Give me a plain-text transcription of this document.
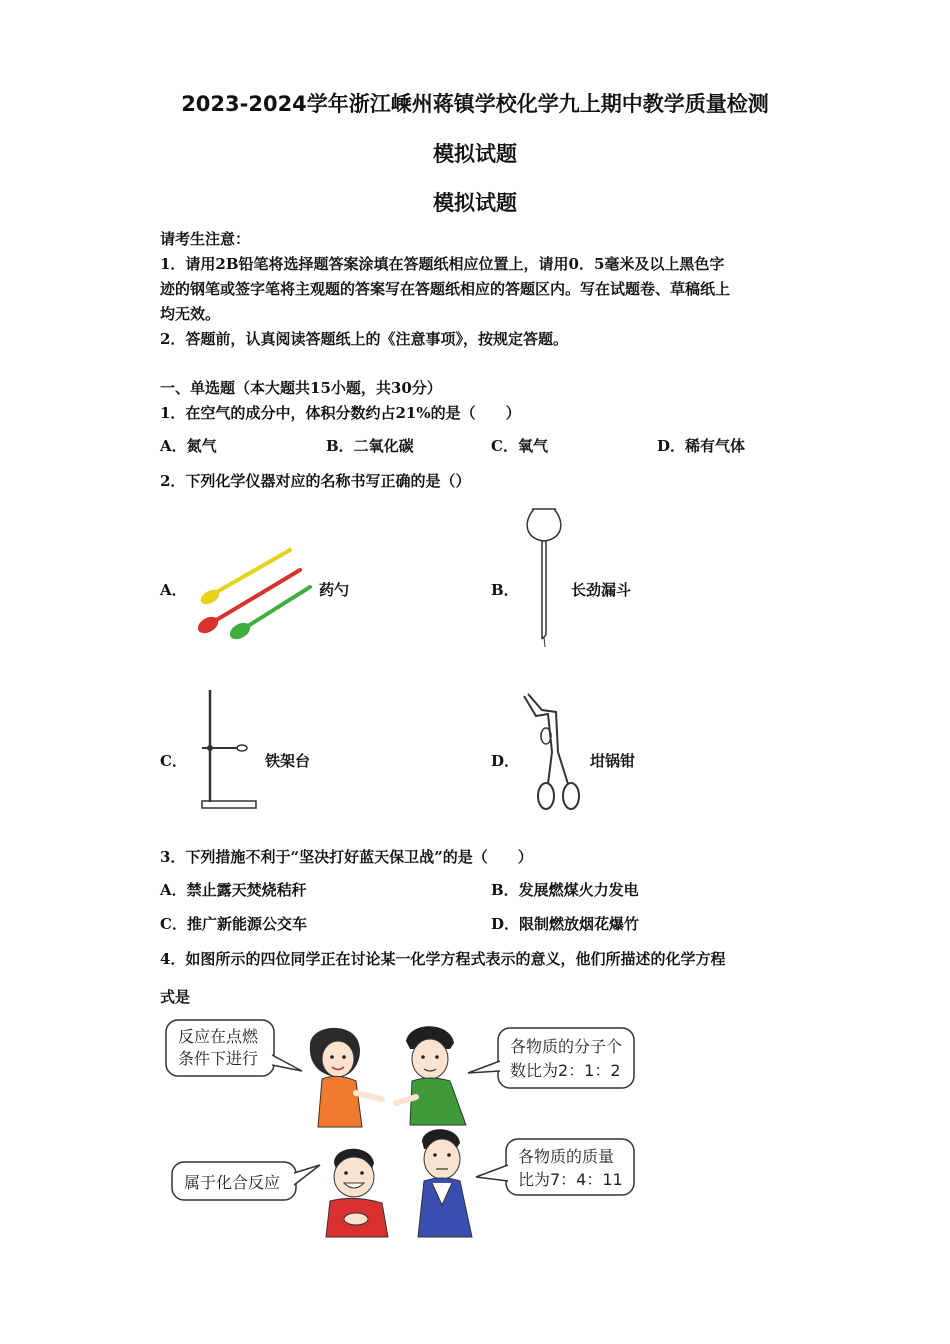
2023-2024学年浙江嵊州蒋镇学校化学九上期中教学质量检测
模拟试题
模拟试题
请考生注意：
1．请用2B铅笔将选择题答案涂填在答题纸相应位置上，请用0．5毫米及以上黑色字
迹的钢笔或签字笔将主观题的答案写在答题纸相应的答题区内。写在试题卷、草稿纸上
均无效。
2．答题前，认真阅读答题纸上的《注意事项》，按规定答题。
一、单选题（本大题共15小题，共30分）
1．在空气的成分中，体积分数约占21%的是（　　）
A．氮气	B．二氧化碳	C．氧气	D．稀有气体
2．下列化学仪器对应的名称书写正确的是（）
A．	药勺	B．	长劲漏斗
C．	铁架台	D．	坩锅钳
3．下列措施不利于“坚决打好蓝天保卫战”的是（　　）
A．禁止露天焚烧秸秆	B．发展燃煤火力发电
C．推广新能源公交车	D．限制燃放烟花爆竹
4．如图所示的四位同学正在讨论某一化学方程式表示的意义，他们所描述的化学方程
式是
反应在点燃
条件下进行
各物质的分子个
数比为2：1：2
属于化合反应
各物质的质量
比为7：4：11
